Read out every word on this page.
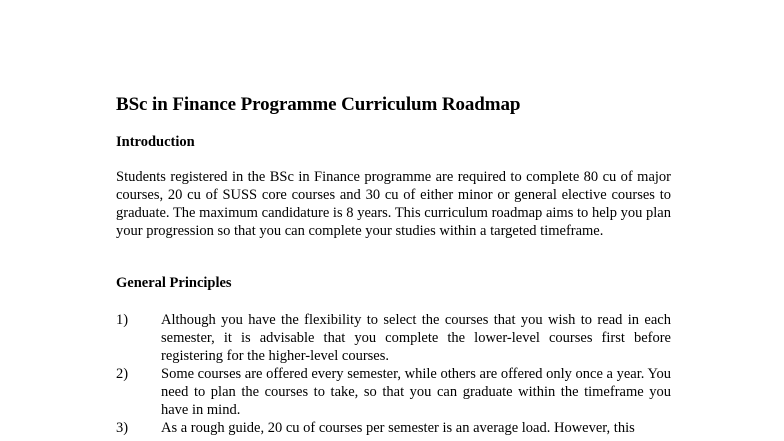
BSc in Finance Programme Curriculum Roadmap
Introduction
Students registered in the BSc in Finance programme are required to complete 80 cu of major courses, 20 cu of SUSS core courses and 30 cu of either minor or general elective courses to graduate. The maximum candidature is 8 years. This curriculum roadmap aims to help you plan your progression so that you can complete your studies within a targeted timeframe.
General Principles
1) Although you have the flexibility to select the courses that you wish to read in each semester, it is advisable that you complete the lower-level courses first before registering for the higher-level courses.
2) Some courses are offered every semester, while others are offered only once a year. You need to plan the courses to take, so that you can graduate within the timeframe you have in mind.
3) As a rough guide, 20 cu of courses per semester is an average load. However, this
